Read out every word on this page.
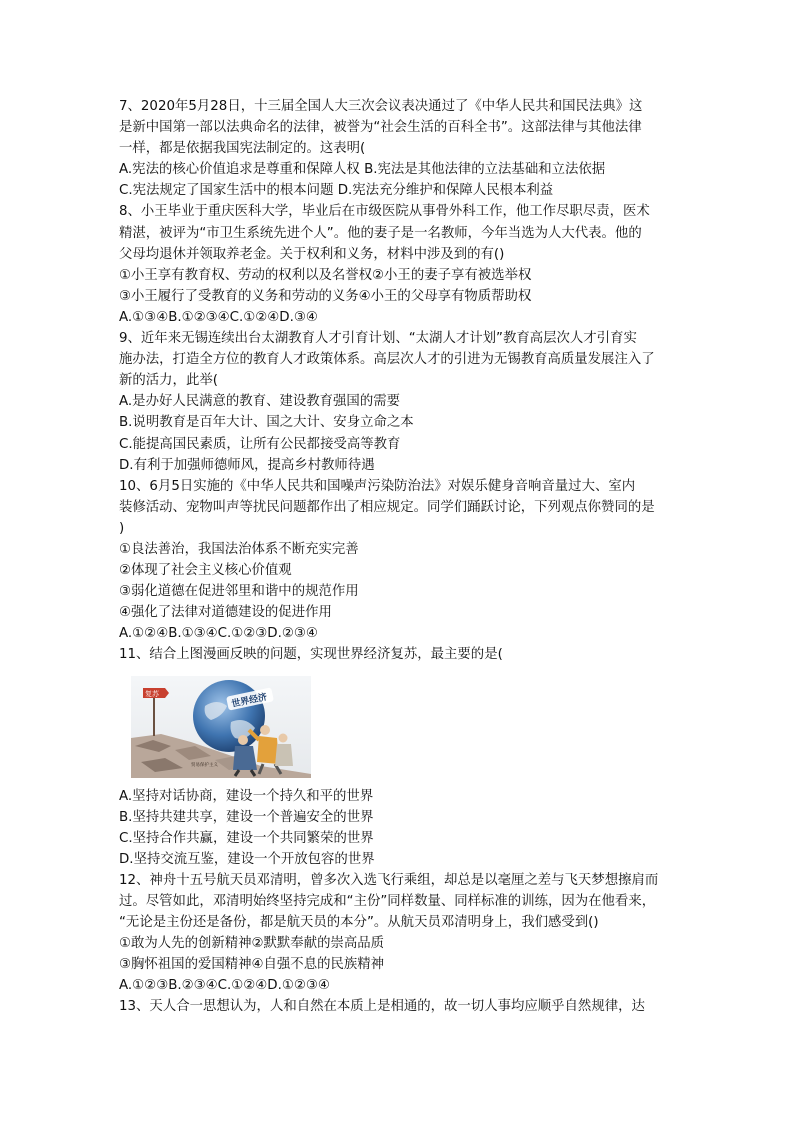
7、2020年5月28日，十三届全国人大三次会议表决通过了《中华人民共和国民法典》这
是新中国第一部以法典命名的法律，被誉为“社会生活的百科全书”。这部法律与其他法律
一样，都是依据我国宪法制定的。这表明(
A.宪法的核心价值追求是尊重和保障人权 B.宪法是其他法律的立法基础和立法依据
C.宪法规定了国家生活中的根本问题 D.宪法充分维护和保障人民根本利益
8、小王毕业于重庆医科大学，毕业后在市级医院从事骨外科工作，他工作尽职尽责，医术
精湛，被评为“市卫生系统先进个人”。他的妻子是一名教师，今年当选为人大代表。他的
父母均退休并领取养老金。关于权利和义务，材料中涉及到的有()
①小王享有教育权、劳动的权利以及名誉权②小王的妻子享有被选举权
③小王履行了受教育的义务和劳动的义务④小王的父母享有物质帮助权
A.①③④B.①②③④C.①②④D.③④
9、近年来无锡连续出台太湖教育人才引育计划、“太湖人才计划”教育高层次人才引育实
施办法，打造全方位的教育人才政策体系。高层次人才的引进为无锡教育高质量发展注入了
新的活力，此举(
A.是办好人民满意的教育、建设教育强国的需要
B.说明教育是百年大计、国之大计、安身立命之本
C.能提高国民素质，让所有公民都接受高等教育
D.有利于加强师德师风，提高乡村教师待遇
10、6月5日实施的《中华人民共和国噪声污染防治法》对娱乐健身音响音量过大、室内
装修活动、宠物叫声等扰民问题都作出了相应规定。同学们踊跃讨论，下列观点你赞同的是
)
①良法善治，我国法治体系不断充实完善
②体现了社会主义核心价值观
③弱化道德在促进邻里和谐中的规范作用
④强化了法律对道德建设的促进作用
A.①②④B.①③④C.①②③D.②③④
11、结合上图漫画反映的问题，实现世界经济复苏，最主要的是(
复苏	世界经济
贸易保护主义
A.坚持对话协商，建设一个持久和平的世界
B.坚持共建共享，建设一个普遍安全的世界
C.坚持合作共赢，建设一个共同繁荣的世界
D.坚持交流互鉴，建设一个开放包容的世界
12、神舟十五号航天员邓清明，曾多次入选飞行乘组，却总是以毫厘之差与飞天梦想擦肩而
过。尽管如此，邓清明始终坚持完成和“主份”同样数量、同样标准的训练，因为在他看来，
“无论是主份还是备份，都是航天员的本分”。从航天员邓清明身上，我们感受到()
①敢为人先的创新精神②默默奉献的崇高品质
③胸怀祖国的爱国精神④自强不息的民族精神
A.①②③B.②③④C.①②④D.①②③④
13、天人合一思想认为，人和自然在本质上是相通的，故一切人事均应顺乎自然规律，达
